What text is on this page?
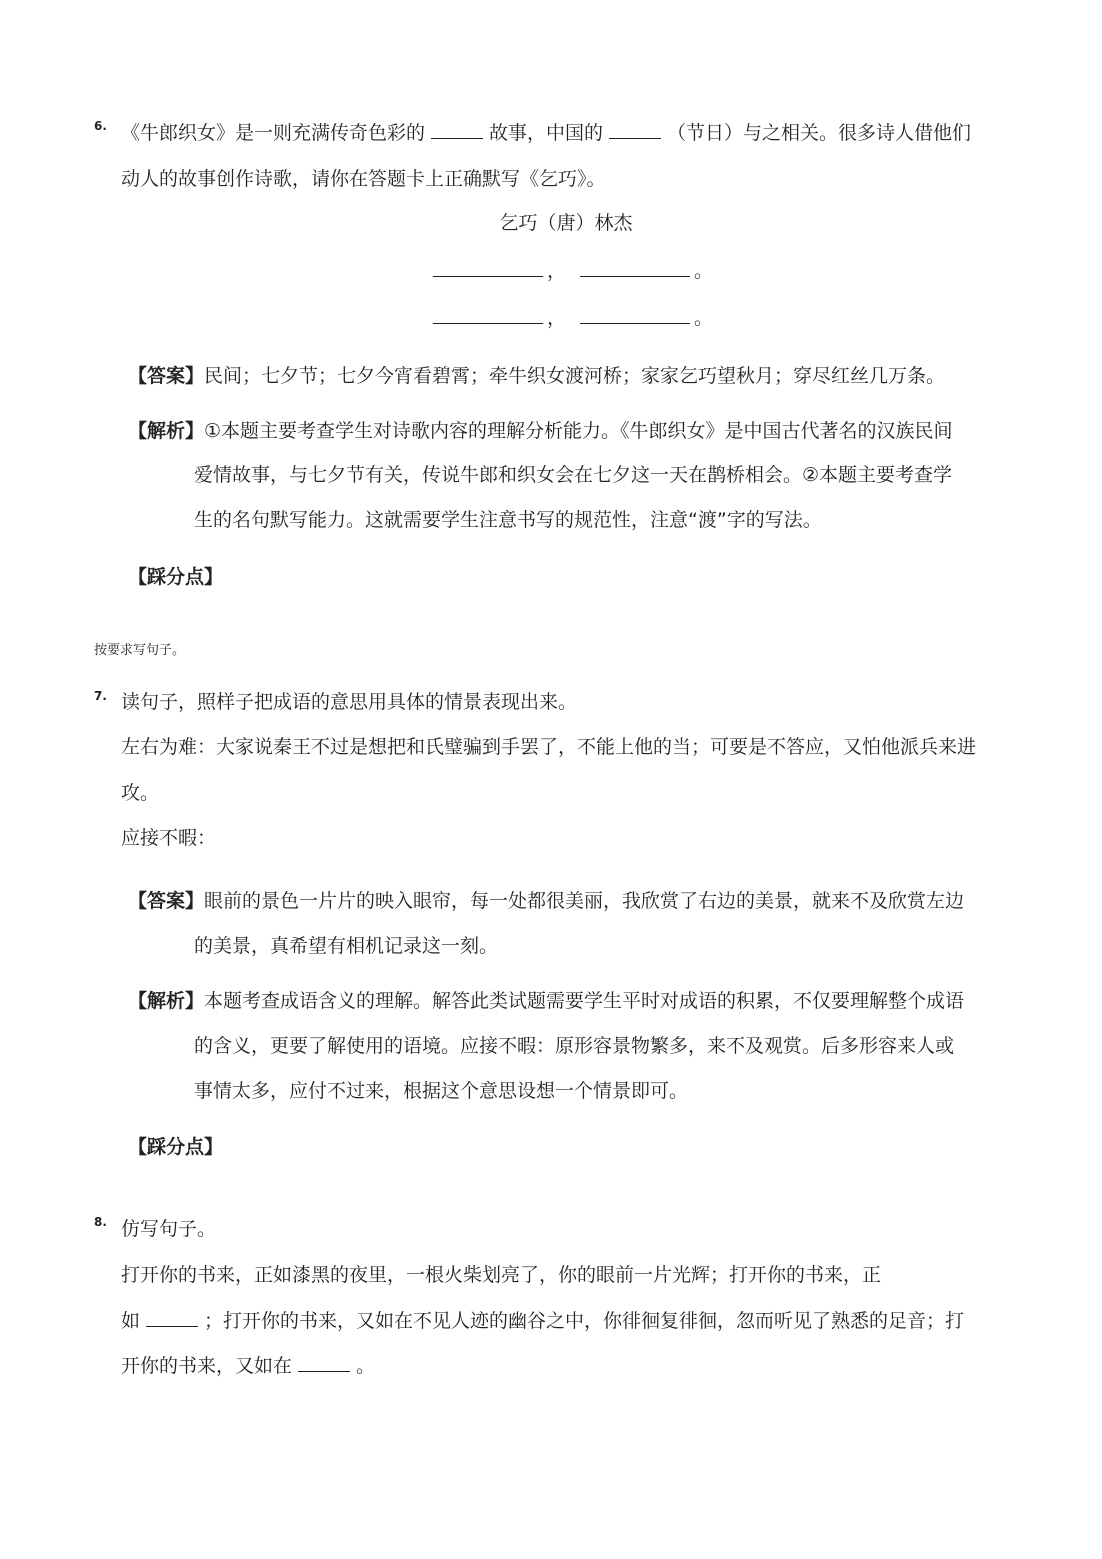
6. 《牛郎织女》是一则充满传奇色彩的	故事，中国的	（节日）与之相关。很多诗人借他们
动人的故事创作诗歌，请你在答题卡上正确默写《乞巧》。
乞巧（唐）林杰
，	。
，	。
【答案】民间；七夕节；七夕今宵看碧霄；牵牛织女渡河桥；家家乞巧望秋月；穿尽红丝几万条。
【解析】①本题主要考查学生对诗歌内容的理解分析能力。《牛郎织女》是中国古代著名的汉族民间
爱情故事，与七夕节有关，传说牛郎和织女会在七夕这一天在鹊桥相会。②本题主要考查学
生的名句默写能力。这就需要学生注意书写的规范性，注意“渡”字的写法。
【踩分点】
按要求写句子。
7. 读句子，照样子把成语的意思用具体的情景表现出来。
左右为难：大家说秦王不过是想把和氏璧骗到手罢了，不能上他的当；可要是不答应，又怕他派兵来进
攻。
应接不暇：
【答案】眼前的景色一片片的映入眼帘，每一处都很美丽，我欣赏了右边的美景，就来不及欣赏左边
的美景，真希望有相机记录这一刻。
【解析】本题考查成语含义的理解。解答此类试题需要学生平时对成语的积累，不仅要理解整个成语
的含义，更要了解使用的语境。应接不暇：原形容景物繁多，来不及观赏。后多形容来人或
事情太多，应付不过来，根据这个意思设想一个情景即可。
【踩分点】
8. 仿写句子。
打开你的书来，正如漆黑的夜里，一根火柴划亮了，你的眼前一片光辉；打开你的书来，正
如	；打开你的书来，又如在不见人迹的幽谷之中，你徘徊复徘徊，忽而听见了熟悉的足音；打
开你的书来，又如在	。
